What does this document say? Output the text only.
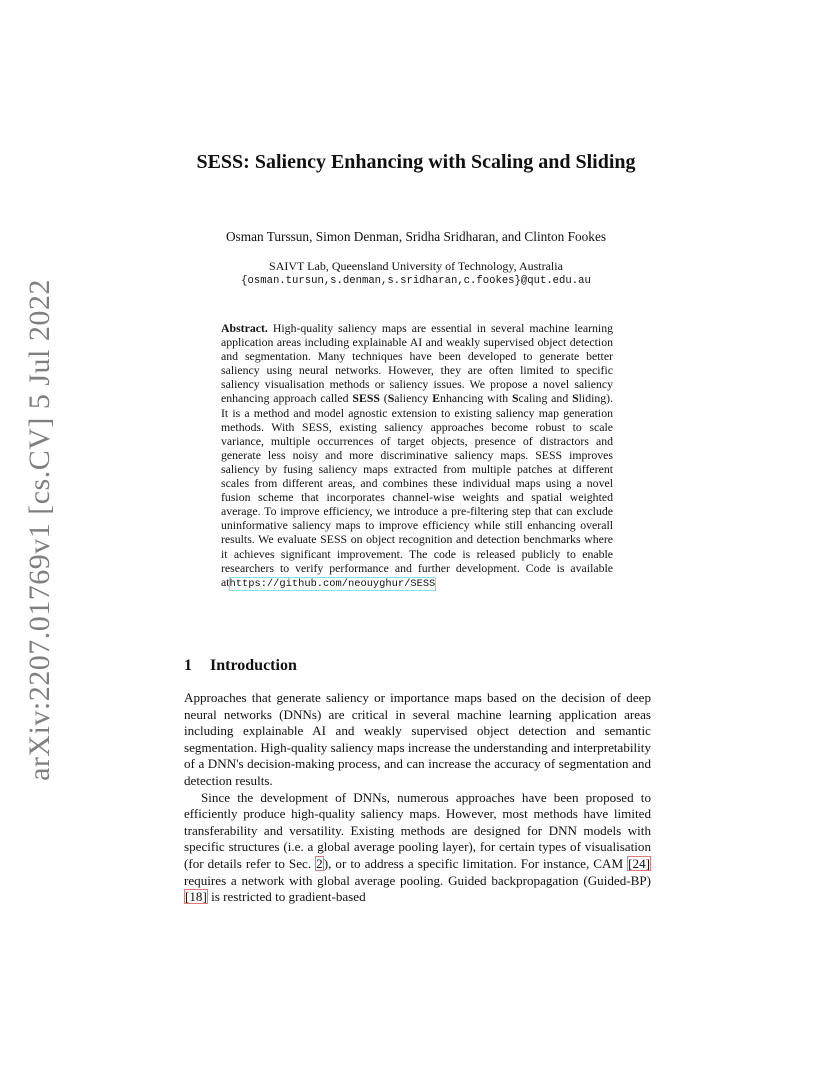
arXiv:2207.01769v1 [cs.CV] 5 Jul 2022
SESS: Saliency Enhancing with Scaling and Sliding
Osman Turssun, Simon Denman, Sridha Sridharan, and Clinton Fookes
SAIVT Lab, Queensland University of Technology, Australia
{osman.tursun,s.denman,s.sridharan,c.fookes}@qut.edu.au
Abstract. High-quality saliency maps are essential in several machine learning application areas including explainable AI and weakly supervised object detection and segmentation. Many techniques have been developed to generate better saliency using neural networks. However, they are often limited to specific saliency visualisation methods or saliency issues. We propose a novel saliency enhancing approach called SESS (Saliency Enhancing with Scaling and Sliding). It is a method and model agnostic extension to existing saliency map generation methods. With SESS, existing saliency approaches become robust to scale variance, multiple occurrences of target objects, presence of distractors and generate less noisy and more discriminative saliency maps. SESS improves saliency by fusing saliency maps extracted from multiple patches at different scales from different areas, and combines these individual maps using a novel fusion scheme that incorporates channel-wise weights and spatial weighted average. To improve efficiency, we introduce a pre-filtering step that can exclude uninformative saliency maps to improve efficiency while still enhancing overall results. We evaluate SESS on object recognition and detection benchmarks where it achieves significant improvement. The code is released publicly to enable researchers to verify performance and further development. Code is available athttps://github.com/neouyghur/SESS
1 Introduction

Approaches that generate saliency or importance maps based on the decision of deep neural networks (DNNs) are critical in several machine learning application areas including explainable AI and weakly supervised object detection and semantic segmentation. High-quality saliency maps increase the understanding and interpretability of a DNN's decision-making process, and can increase the accuracy of segmentation and detection results.

Since the development of DNNs, numerous approaches have been proposed to efficiently produce high-quality saliency maps. However, most methods have limited transferability and versatility. Existing methods are designed for DNN models with specific structures (i.e. a global average pooling layer), for certain types of visualisation (for details refer to Sec. 2), or to address a specific limitation. For instance, CAM [24] requires a network with global average pooling. Guided backpropagation (Guided-BP) [18] is restricted to gradient-based
